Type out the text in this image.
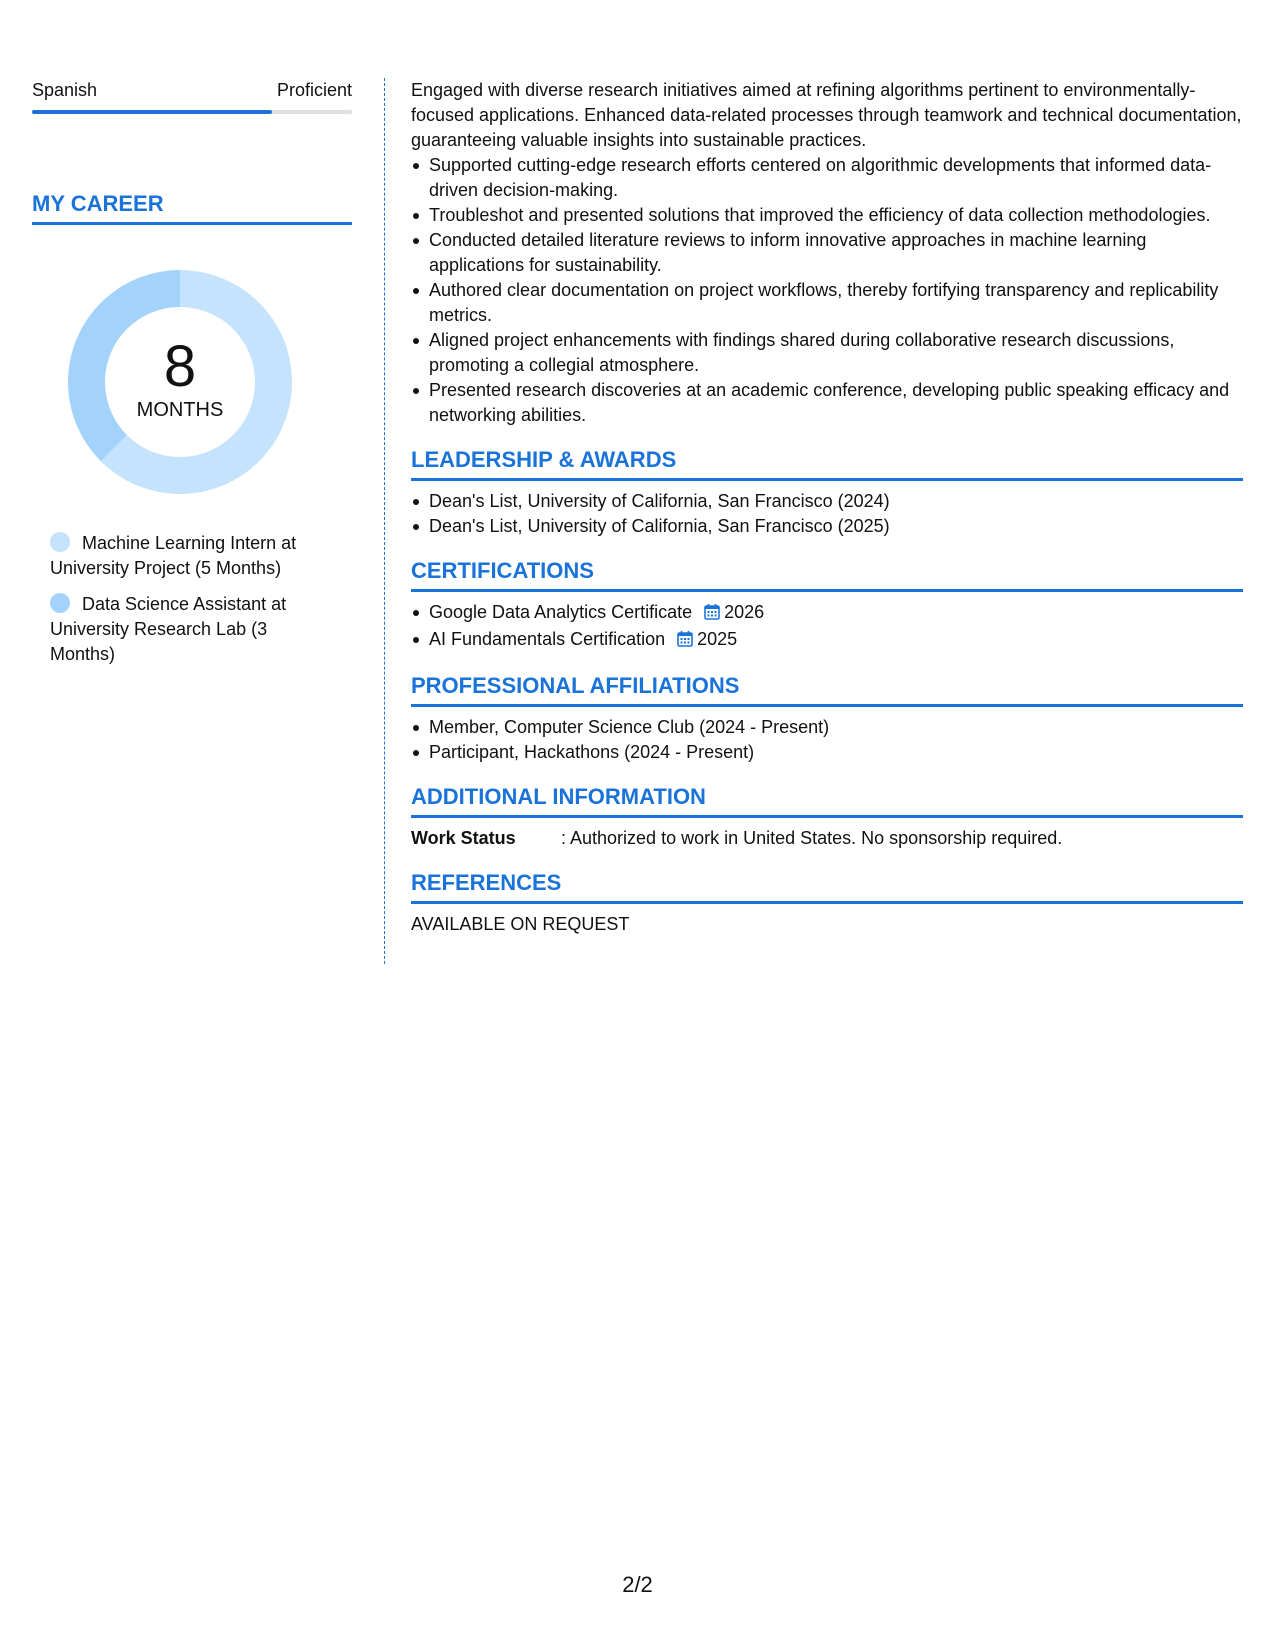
Spanish	Proficient
MY CAREER
8
MONTHS
Machine Learning Intern at University Project (5 Months)
Data Science Assistant at University Research Lab (3 Months)

Engaged with diverse research initiatives aimed at refining algorithms pertinent to environmentally-focused applications. Enhanced data-related processes through teamwork and technical documentation, guaranteeing valuable insights into sustainable practices.

Supported cutting-edge research efforts centered on algorithmic developments that informed data-driven decision-making.
Troubleshot and presented solutions that improved the efficiency of data collection methodologies.
Conducted detailed literature reviews to inform innovative approaches in machine learning applications for sustainability.
Authored clear documentation on project workflows, thereby fortifying transparency and replicability metrics.
Aligned project enhancements with findings shared during collaborative research discussions, promoting a collegial atmosphere.
Presented research discoveries at an academic conference, developing public speaking efficacy and networking abilities.
LEADERSHIP & AWARDS
Dean's List, University of California, San Francisco (2024)
Dean's List, University of California, San Francisco (2025)
CERTIFICATIONS
Google Data Analytics Certificate 2026
AI Fundamentals Certification 2025
PROFESSIONAL AFFILIATIONS
Member, Computer Science Club (2024 - Present)
Participant, Hackathons (2024 - Present)
ADDITIONAL INFORMATION
Work Status	: Authorized to work in United States. No sponsorship required.
REFERENCES

AVAILABLE ON REQUEST

2/2
